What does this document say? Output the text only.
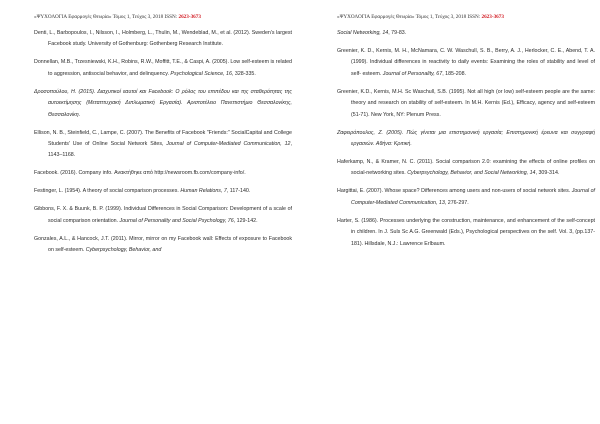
«ΨΥΧΟΛΟΓΙΑ Εφαρμογές Θεωρία» Τόμος 1, Τεύχος 3, 2018 ISSN: 2623-3673
Denti, L., Barbopoulos, I., Nilsson, I., Holmberg, L., Thulin, M., Wendeblad, M., et al. (2012). Sweden's largest Facebook study. University of Gothenburg: Gothenberg Research Institute.
Donnellan, M.B., Trzesniewski, K.H., Robins, R.W., Moffitt, T.E., & Caspi, A. (2005). Low self-esteem is related to aggression, antisocial behavior, and delinquency. Psychological Science, 16, 328-335.
Δροσοπούλου, Η. (2015). Διαχυτικοί εαυτοί και Facebook: Ο ρόλος του επιπέδου και της σταθερότητας της αυτοεκτίμησης (Μεταπτυχιακή Διπλωματική Εργασία). Αριστοτέλειο Πανεπιστήμιο Θεσσαλονίκης, Θεσσαλονίκη.
Ellison, N. B., Steinfield, C., Lampe, C. (2007). The Benefits of Facebook "Friends:" SocialCapital and College Students' Use of Online Social Network Sites, Journal of Computer-Mediated Communication, 12, 1143–1168.
Facebook. (2016). Company info. Ανακτήθηκε από http://newsroom.fb.com/company-info/.
Festinger, L. (1954). A theory of social comparison processes. Human Relations, 7, 117-140.
Gibbons, F. X. & Buunk, B. P. (1999). Individual Differences in Social Comparison: Development of a scale of social comparison orientation. Journal of Personality and Social Psychology, 76, 129-142.
Gonzales, A.L., & Hancock, J.T. (2011). Mirror, mirror on my Facebook wall: Effects of exposure to Facebook on self-esteem. Cyberpsychology, Behavior, and
«ΨΥΧΟΛΟΓΙΑ Εφαρμογές Θεωρία» Τόμος 1, Τεύχος 3, 2018 ISSN: 2623-3673
Social Networking, 14, 79-83.
Greenier, K. D., Kernis, M. H., McNamara, C. W. Waschull, S. B., Berry, A. J., Herlocker, C. E., Abend, T. A. (1999). Individual differences in reactivity to daily events: Examining the roles of stability and level of self- esteem. Journal of Personality, 67, 185-208.
Greenier, K.D., Kernis, M.H. Sc Waschull, S.B. (1995). Not all high (or low) self-esteem people are the same: theory and research on stability of self-esteem. In M.H. Kernis (Ed.), Efficacy, agency and self-esteem (51-71). New York, NY: Plenum Press.
Ζαφειρόπουλος, Ζ. (2005). Πώς γίνεται μια επιστημονική εργασία; Επιστημονική έρευνα και συγγραφή εργασιών. Αθήνα: Κριτική.
Haferkamp, N., & Kramer, N. C. (2011). Social comparison 2.0: examining the effects of online profiles on social-networking sites. Cyberpsychology, Behavior, and Social Networking, 14, 309-314.
Hargittai, E. (2007). Whose space? Differences among users and non-users of social network sites. Journal of Computer-Mediated Communication, 13, 276-297.
Harter, S. (1986). Processes underlying the construction, maintenance, and enhancement of the self-concept in children. In J. Suls Sc A.G. Greenwald (Eds.), Psychological perspectives on the self. Vol. 3, (pp.137-181). Hillsdale, N.J.: Lawrence Erlbaum.
